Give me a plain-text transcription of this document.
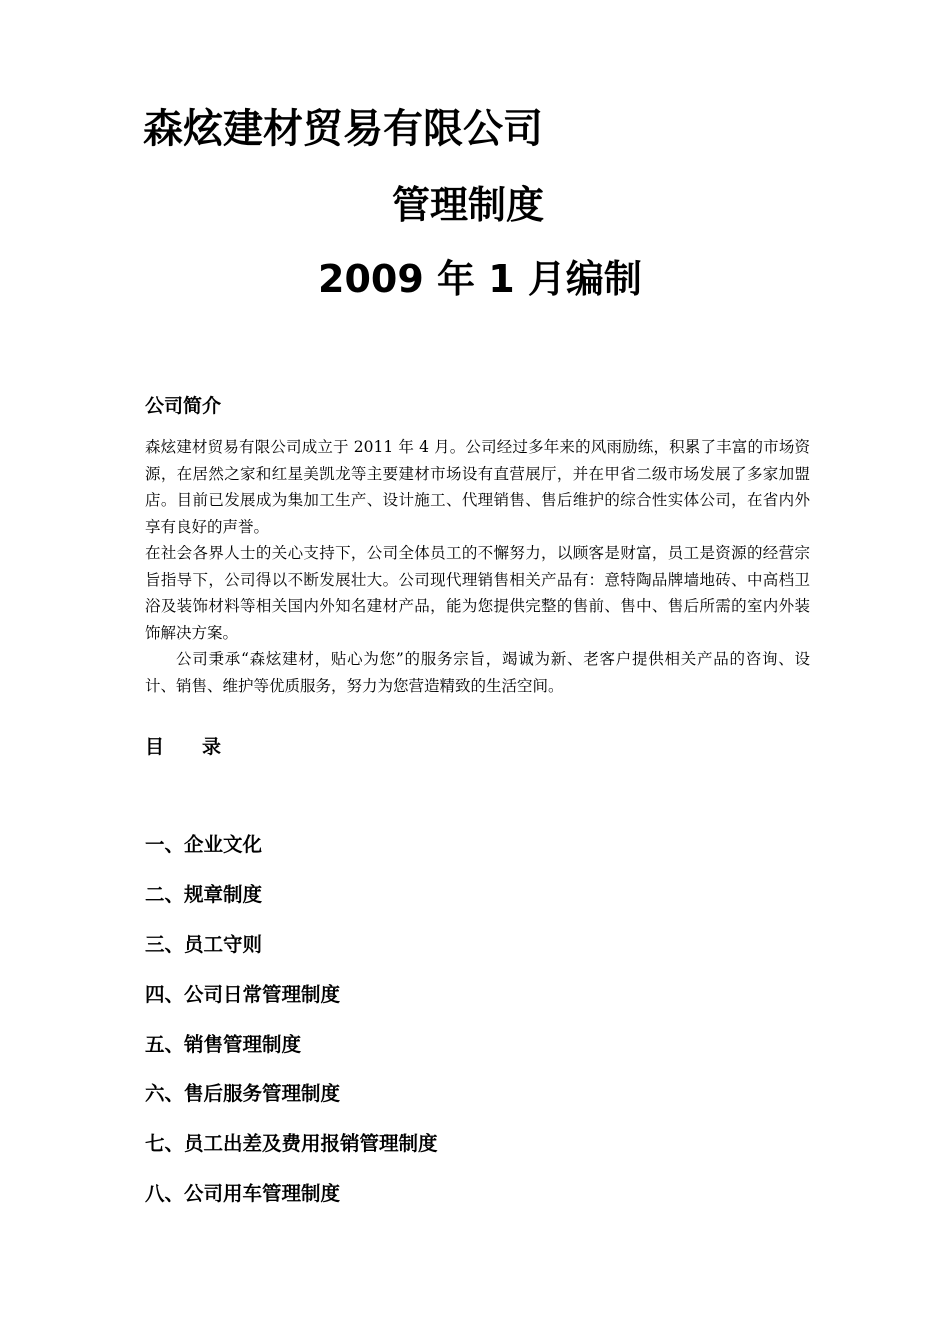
森炫建材贸易有限公司
管理制度
2009 年 1 月编制
公司简介

森炫建材贸易有限公司成立于 2011 年 4 月。公司经过多年来的风雨励练，积累了丰富的市场资源，在居然之家和红星美凯龙等主要建材市场设有直营展厅，并在甲省二级市场发展了多家加盟店。目前已发展成为集加工生产、设计施工、代理销售、售后维护的综合性实体公司，在省内外享有良好的声誉。

在社会各界人士的关心支持下，公司全体员工的不懈努力，以顾客是财富，员工是资源的经营宗旨指导下，公司得以不断发展壮大。公司现代理销售相关产品有：意特陶品牌墙地砖、中高档卫浴及装饰材料等相关国内外知名建材产品，能为您提供完整的售前、售中、售后所需的室内外装饰解决方案。

公司秉承“森炫建材，贴心为您”的服务宗旨，竭诚为新、老客户提供相关产品的咨询、设计、销售、维护等优质服务，努力为您营造精致的生活空间。

目　　录
一、企业文化
二、规章制度
三、员工守则
四、公司日常管理制度
五、销售管理制度
六、售后服务管理制度
七、员工出差及费用报销管理制度
八、公司用车管理制度
